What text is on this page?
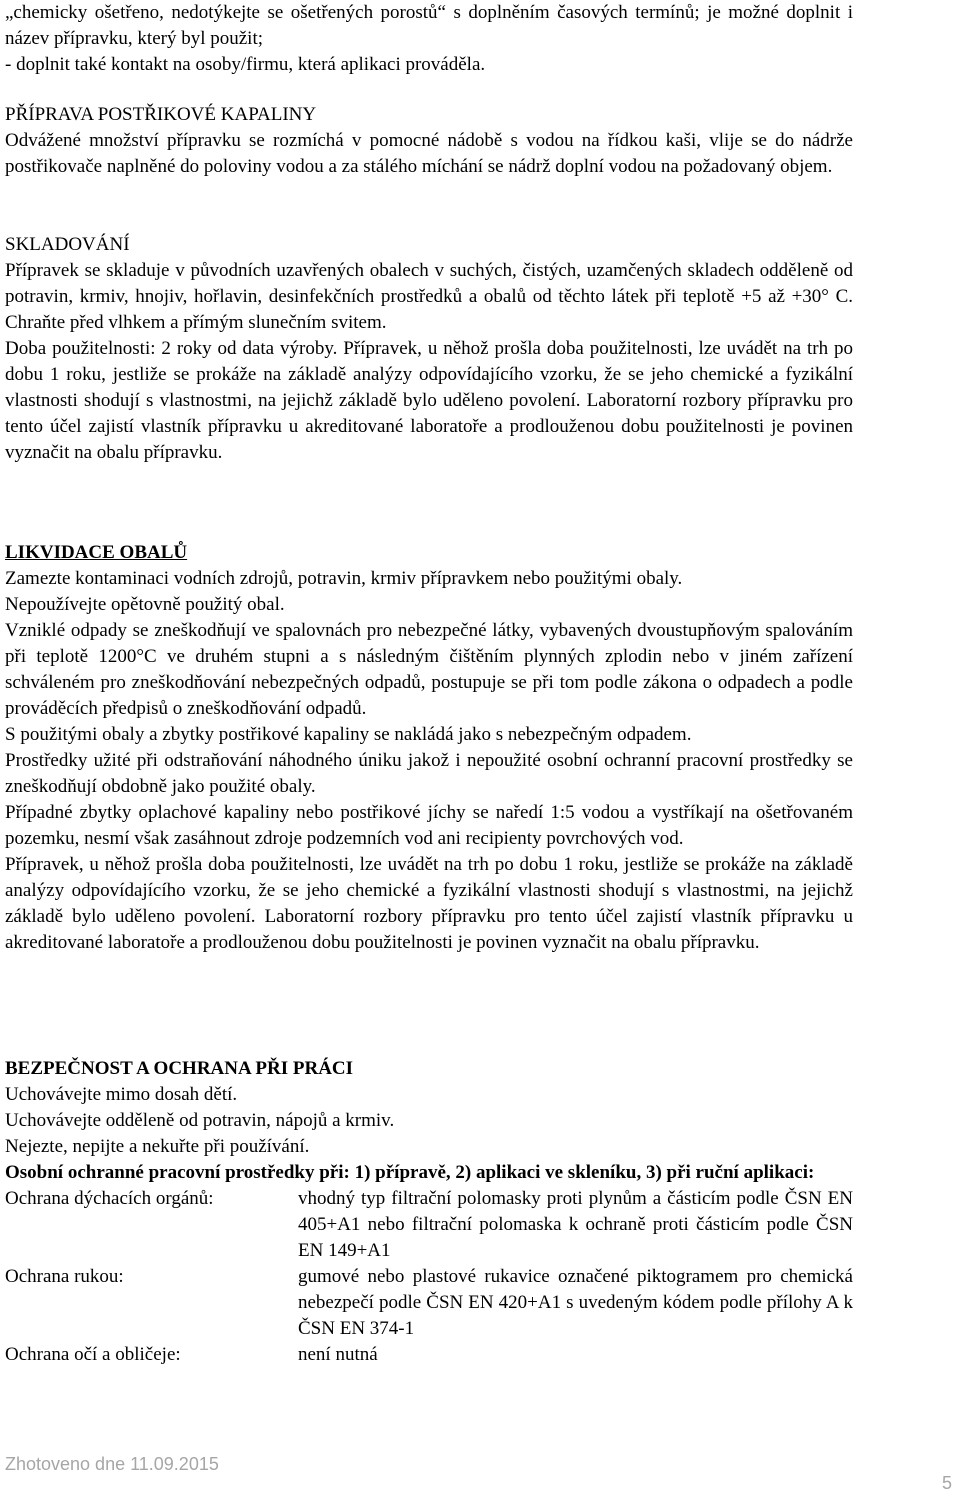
„chemicky ošetřeno, nedotýkejte se ošetřených porostů“ s doplněním časových termínů; je možné doplnit i název přípravku, který byl použit;

- doplnit také kontakt na osoby/firmu, která aplikaci prováděla.

PŘÍPRAVA POSTŘIKOVÉ KAPALINY

Odvážené množství přípravku se rozmíchá v pomocné nádobě s vodou na řídkou kaši, vlije se do nádrže postřikovače naplněné do poloviny vodou a za stálého míchání se nádrž doplní vodou na požadovaný objem.

SKLADOVÁNÍ

Přípravek se skladuje v původních uzavřených obalech v suchých, čistých, uzamčených skladech odděleně od potravin, krmiv, hnojiv, hořlavin, desinfekčních prostředků a obalů od těchto látek při teplotě +5 až +30° C. Chraňte před vlhkem a přímým slunečním svitem.

Doba použitelnosti: 2 roky od data výroby. Přípravek, u něhož prošla doba použitelnosti, lze uvádět na trh po dobu 1 roku, jestliže se prokáže na základě analýzy odpovídajícího vzorku, že se jeho chemické a fyzikální vlastnosti shodují s vlastnostmi, na jejichž základě bylo uděleno povolení. Laboratorní rozbory přípravku pro tento účel zajistí vlastník přípravku u akreditované laboratoře a prodlouženou dobu použitelnosti je povinen vyznačit na obalu přípravku.

LIKVIDACE OBALŮ

Zamezte kontaminaci vodních zdrojů, potravin, krmiv přípravkem nebo použitými obaly.

Nepoužívejte opětovně použitý obal.

Vzniklé odpady se zneškodňují ve spalovnách pro nebezpečné látky, vybavených dvoustupňovým spalováním při teplotě 1200°C ve druhém stupni a s následným čištěním plynných zplodin nebo v jiném zařízení schváleném pro zneškodňování nebezpečných odpadů, postupuje se při tom podle zákona o odpadech a podle prováděcích předpisů o zneškodňování odpadů.

S použitými obaly a zbytky postřikové kapaliny se nakládá jako s nebezpečným odpadem.

Prostředky užité při odstraňování náhodného úniku jakož i nepoužité osobní ochranní pracovní prostředky se zneškodňují obdobně jako použité obaly.

Případné zbytky oplachové kapaliny nebo postřikové jíchy se naředí 1:5 vodou a vystříkají na ošetřovaném pozemku, nesmí však zasáhnout zdroje podzemních vod ani recipienty povrchových vod.

Přípravek, u něhož prošla doba použitelnosti, lze uvádět na trh po dobu 1 roku, jestliže se prokáže na základě analýzy odpovídajícího vzorku, že se jeho chemické a fyzikální vlastnosti shodují s vlastnostmi, na jejichž základě bylo uděleno povolení. Laboratorní rozbory přípravku pro tento účel zajistí vlastník přípravku u akreditované laboratoře a prodlouženou dobu použitelnosti je povinen vyznačit na obalu přípravku.

BEZPEČNOST A OCHRANA PŘI PRÁCI

Uchovávejte mimo dosah dětí.

Uchovávejte odděleně od potravin, nápojů a krmiv.

Nejezte, nepijte a nekuřte při používání.

Osobní ochranné pracovní prostředky při: 1) přípravě, 2) aplikaci ve skleníku, 3) při ruční aplikaci:

Ochrana dýchacích orgánů:	vhodný typ filtrační polomasky proti plynům a částicím podle ČSN EN 405+A1 nebo filtrační polomaska k ochraně proti částicím podle ČSN EN 149+A1
Ochrana rukou:	gumové nebo plastové rukavice označené piktogramem pro chemická nebezpečí podle ČSN EN 420+A1 s uvedeným kódem podle přílohy A k ČSN EN 374-1
Ochrana očí a obličeje:	není nutná
Zhotoveno dne 11.09.2015
5
